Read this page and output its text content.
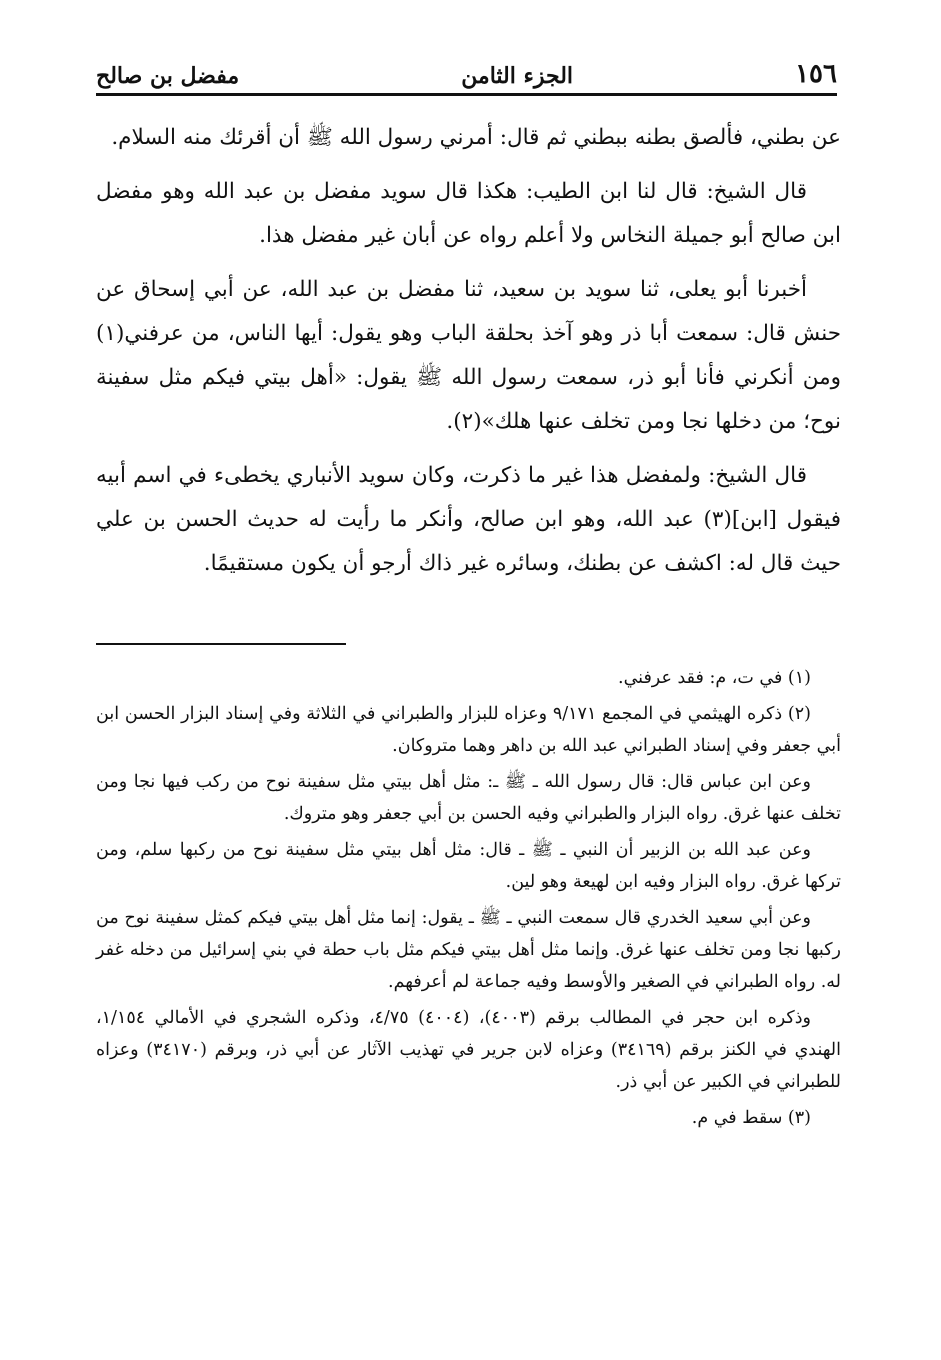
١٥٦
الجزء الثامن
مفضل بن صالح

عن بطني، فألصق بطنه ببطني ثم قال: أمرني رسول الله ﷺ أن أقرئك منه السلام.

قال الشيخ: قال لنا ابن الطيب: هكذا قال سويد مفضل بن عبد الله وهو مفضل ابن صالح أبو جميلة النخاس ولا أعلم رواه عن أبان غير مفضل هذا.

أخبرنا أبو يعلى، ثنا سويد بن سعيد، ثنا مفضل بن عبد الله، عن أبي إسحاق عن حنش قال: سمعت أبا ذر وهو آخذ بحلقة الباب وهو يقول: أيها الناس، من عرفني(١) ومن أنكرني فأنا أبو ذر، سمعت رسول الله ﷺ يقول: «أهل بيتي فيكم مثل سفينة نوح؛ من دخلها نجا ومن تخلف عنها هلك»(٢).

قال الشيخ: ولمفضل هذا غير ما ذكرت، وكان سويد الأنباري يخطىء في اسم أبيه فيقول [ابن](٣) عبد الله، وهو ابن صالح، وأنكر ما رأيت له حديث الحسن بن علي حيث قال له: اكشف عن بطنك، وسائره غير ذاك أرجو أن يكون مستقيمًا.

(١) في ت، م: فقد عرفني.

(٢) ذكره الهيثمي في المجمع ٩/١٧١ وعزاه للبزار والطبراني في الثلاثة وفي إسناد البزار الحسن ابن أبي جعفر وفي إسناد الطبراني عبد الله بن داهر وهما متروكان.

وعن ابن عباس قال: قال رسول الله ـ ﷺ ـ: مثل أهل بيتي مثل سفينة نوح من ركب فيها نجا ومن تخلف عنها غرق. رواه البزار والطبراني وفيه الحسن بن أبي جعفر وهو متروك.

وعن عبد الله بن الزبير أن النبي ـ ﷺ ـ قال: مثل أهل بيتي مثل سفينة نوح من ركبها سلم، ومن تركها غرق. رواه البزار وفيه ابن لهيعة وهو لين.

وعن أبي سعيد الخدري قال سمعت النبي ـ ﷺ ـ يقول: إنما مثل أهل بيتي فيكم كمثل سفينة نوح من ركبها نجا ومن تخلف عنها غرق. وإنما مثل أهل بيتي فيكم مثل باب حطة في بني إسرائيل من دخله غفر له. رواه الطبراني في الصغير والأوسط وفيه جماعة لم أعرفهم.

وذكره ابن حجر في المطالب برقم (٤٠٠٣)، (٤٠٠٤) ٤/٧٥، وذكره الشجري في الأمالي ١/١٥٤، الهندي في الكنز برقم (٣٤١٦٩) وعزاه لابن جرير في تهذيب الآثار عن أبي ذر، وبرقم (٣٤١٧٠) وعزاه للطبراني في الكبير عن أبي ذر.

(٣) سقط في م.
